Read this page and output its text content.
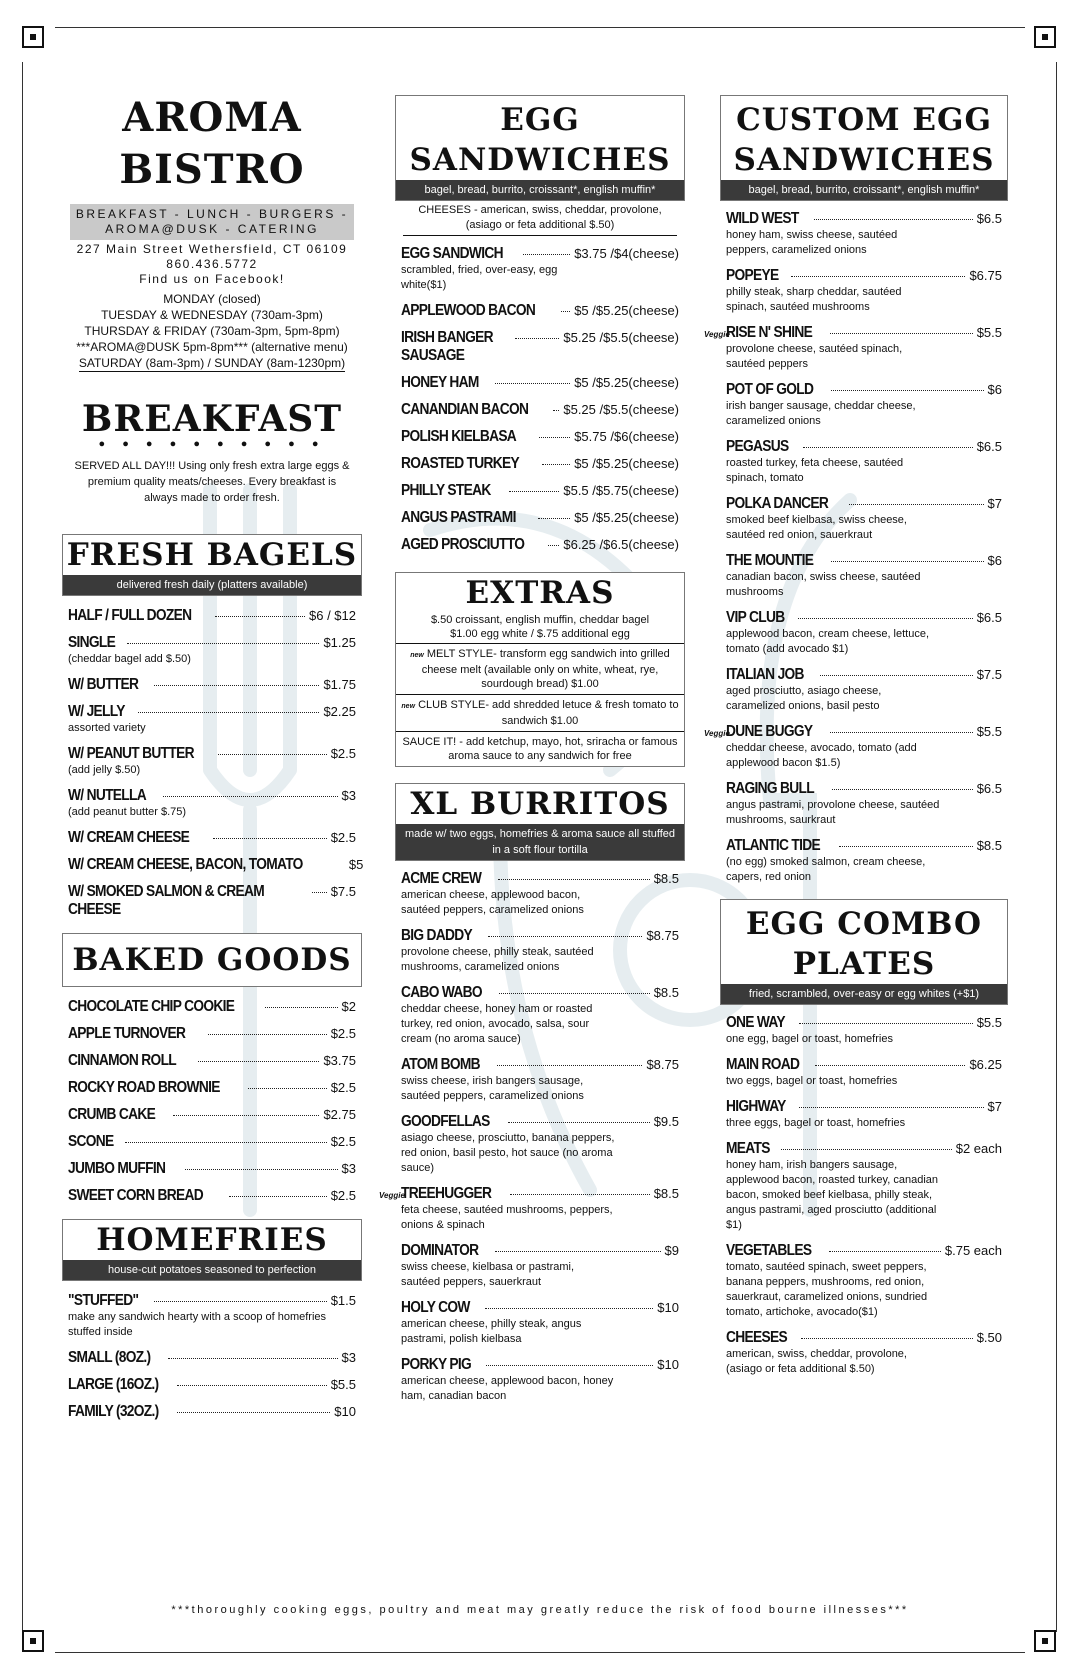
AROMA
BISTRO
BREAKFAST - LUNCH - BURGERS - AROMA@DUSK - CATERING
227 Main Street Wethersfield, CT 06109
860.436.5772
Find us on Facebook!
MONDAY (closed)
TUESDAY & WEDNESDAY (730am-3pm)
THURSDAY & FRIDAY (730am-3pm, 5pm-8pm)
***AROMA@DUSK 5pm-8pm*** (alternative menu)
SATURDAY (8am-3pm) / SUNDAY (8am-1230pm)
BREAKFAST
● ● ● ● ● ● ● ● ● ●
SERVED ALL DAY!!! Using only fresh extra large eggs & premium quality meats/cheeses. Every breakfast is always made to order fresh.
FRESH BAGELS
delivered fresh daily (platters available)
HALF / FULL DOZEN	$6 / $12
SINGLE	$1.25
(cheddar bagel add $.50)
W/ BUTTER	$1.75
W/ JELLY	$2.25
assorted variety
W/ PEANUT BUTTER	$2.5
(add jelly $.50)
W/ NUTELLA	$3
(add peanut butter $.75)
W/ CREAM CHEESE	$2.5
W/ CREAM CHEESE, BACON, TOMATO	$5
W/ SMOKED SALMON & CREAM CHEESE
$7.5
BAKED GOODS
CHOCOLATE CHIP COOKIE	$2
APPLE TURNOVER	$2.5
CINNAMON ROLL	$3.75
ROCKY ROAD BROWNIE	$2.5
CRUMB CAKE	$2.75
SCONE	$2.5
JUMBO MUFFIN	$3
SWEET CORN BREAD	$2.5
HOMEFRIES
house-cut potatoes seasoned to perfection
"STUFFED"	$1.5
make any sandwich hearty with a scoop of homefries stuffed inside
SMALL (8OZ.)	$3
LARGE (16OZ.)	$5.5
FAMILY (32OZ.)	$10
EGG
SANDWICHES
bagel, bread, burrito, croissant*, english muffin*
CHEESES - american, swiss, cheddar, provolone, (asiago or feta additional $.50)
EGG SANDWICH	$3.75 /$4(cheese)
scrambled, fried, over-easy, egg white($1)
APPLEWOOD BACON	$5 /$5.25(cheese)
IRISH BANGER SAUSAGE
$5.25 /$5.5(cheese)
HONEY HAM	$5 /$5.25(cheese)
CANANDIAN BACON	$5.25 /$5.5(cheese)
POLISH KIELBASA	$5.75 /$6(cheese)
ROASTED TURKEY	$5 /$5.25(cheese)
PHILLY STEAK	$5.5 /$5.75(cheese)
ANGUS PASTRAMI	$5 /$5.25(cheese)
AGED PROSCIUTTO	$6.25 /$6.5(cheese)
EXTRAS
$.50 croissant, english muffin, cheddar bagel
$1.00 egg white / $.75 additional egg
new MELT STYLE- transform egg sandwich into grilled cheese melt (available only on white, wheat, rye, sourdough bread) $1.00
new CLUB STYLE- add shredded letuce & fresh tomato to sandwich $1.00
SAUCE IT! - add ketchup, mayo, hot, sriracha or famous aroma sauce to any sandwich for free
XL BURRITOS
made w/ two eggs, homefries & aroma sauce all stuffed in a soft flour tortilla
ACME CREW	$8.5
american cheese, applewood bacon, sautéed peppers, caramelized onions
BIG DADDY	$8.75
provolone cheese, philly steak, sautéed mushrooms, caramelized onions
CABO WABO	$8.5
cheddar cheese, honey ham or roasted turkey, red onion, avocado, salsa, sour cream (no aroma sauce)
ATOM BOMB	$8.75
swiss cheese, irish bangers sausage, sautéed peppers, caramelized onions
GOODFELLAS	$9.5
asiago cheese, prosciutto, banana peppers, red onion, basil pesto, hot sauce (no aroma sauce)
Veggie
TREEHUGGER	$8.5
feta cheese, sautéed mushrooms, peppers, onions & spinach
DOMINATOR	$9
swiss cheese, kielbasa or pastrami, sautéed peppers, sauerkraut
HOLY COW	$10
american cheese, philly steak, angus pastrami, polish kielbasa
PORKY PIG	$10
american cheese, applewood bacon, honey ham, canadian bacon
CUSTOM EGG
SANDWICHES
bagel, bread, burrito, croissant*, english muffin*
WILD WEST	$6.5
honey ham, swiss cheese, sautéed peppers, caramelized onions
POPEYE	$6.75
philly steak, sharp cheddar, sautéed spinach, sautéed mushrooms
Veggie
RISE N' SHINE	$5.5
provolone cheese, sautéed spinach, sautéed peppers
POT OF GOLD	$6
irish banger sausage, cheddar cheese, caramelized onions
PEGASUS	$6.5
roasted turkey, feta cheese, sautéed spinach, tomato
POLKA DANCER	$7
smoked beef kielbasa, swiss cheese, sautéed red onion, sauerkraut
THE MOUNTIE	$6
canadian bacon, swiss cheese, sautéed mushrooms
VIP CLUB	$6.5
applewood bacon, cream cheese, lettuce, tomato (add avocado $1)
ITALIAN JOB	$7.5
aged prosciutto, asiago cheese, caramelized onions, basil pesto
Veggie
DUNE BUGGY	$5.5
cheddar cheese, avocado, tomato (add applewood bacon $1.5)
RAGING BULL	$6.5
angus pastrami, provolone cheese, sautéed mushrooms, saurkraut
ATLANTIC TIDE	$8.5
(no egg) smoked salmon, cream cheese, capers, red onion
EGG COMBO
PLATES
fried, scrambled, over-easy or egg whites (+$1)
ONE WAY	$5.5
one egg, bagel or toast, homefries
MAIN ROAD	$6.25
two eggs, bagel or toast, homefries
HIGHWAY	$7
three eggs, bagel or toast, homefries
MEATS	$2 each
honey ham, irish bangers sausage, applewood bacon, roasted turkey, canadian bacon, smoked beef kielbasa, philly steak, angus pastrami, aged prosciutto (additional $1)
VEGETABLES	$.75 each
tomato, sautéed spinach, sweet peppers, banana peppers, mushrooms, red onion, sauerkraut, caramelized onions, sundried tomato, artichoke, avocado($1)
CHEESES	$.50
american, swiss, cheddar, provolone, (asiago or feta additional $.50)
***thoroughly cooking eggs, poultry and meat may greatly reduce the risk of food bourne illnesses***
